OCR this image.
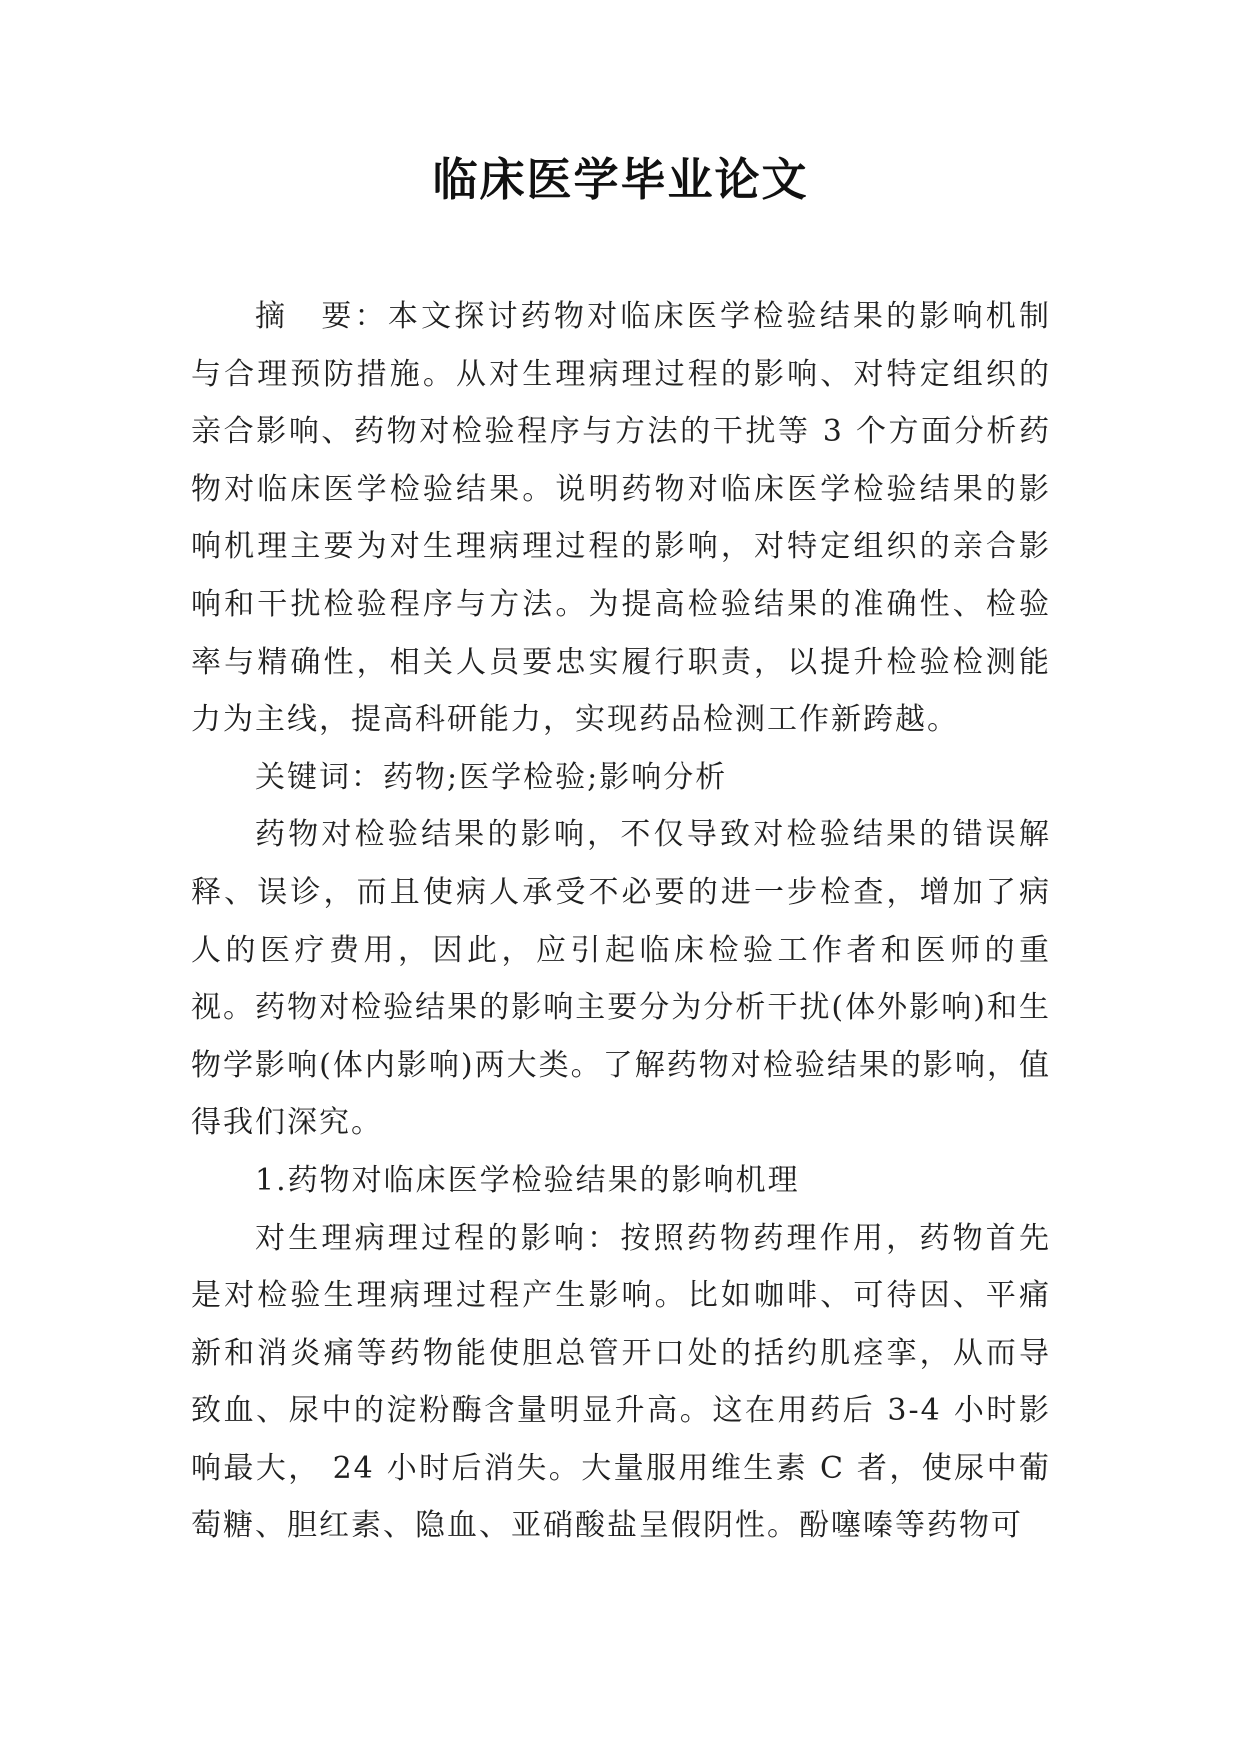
临床医学毕业论文

摘　要：本文探讨药物对临床医学检验结果的影响机制与合理预防措施。从对生理病理过程的影响、对特定组织的亲合影响、药物对检验程序与方法的干扰等 3 个方面分析药物对临床医学检验结果。说明药物对临床医学检验结果的影响机理主要为对生理病理过程的影响，对特定组织的亲合影响和干扰检验程序与方法。为提高检验结果的准确性、检验率与精确性，相关人员要忠实履行职责，以提升检验检测能力为主线，提高科研能力，实现药品检测工作新跨越。

关键词：药物;医学检验;影响分析

药物对检验结果的影响，不仅导致对检验结果的错误解释、误诊，而且使病人承受不必要的进一步检查，增加了病人的医疗费用，因此，应引起临床检验工作者和医师的重视。药物对检验结果的影响主要分为分析干扰(体外影响)和生物学影响(体内影响)两大类。了解药物对检验结果的影响，值得我们深究。

1.药物对临床医学检验结果的影响机理

对生理病理过程的影响：按照药物药理作用，药物首先是对检验生理病理过程产生影响。比如咖啡、可待因、平痛新和消炎痛等药物能使胆总管开口处的括约肌痉挛，从而导致血、尿中的淀粉酶含量明显升高。这在用药后 3-4 小时影响最大， 24 小时后消失。大量服用维生素 C 者，使尿中葡萄糖、胆红素、隐血、亚硝酸盐呈假阴性。酚噻嗪等药物可
